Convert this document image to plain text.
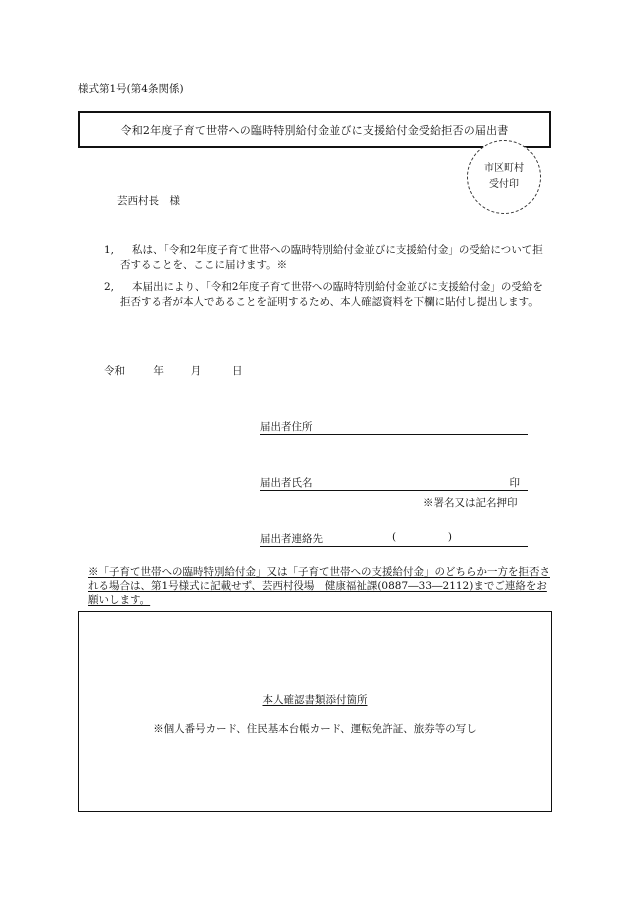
様式第1号(第4条関係)
令和2年度子育て世帯への臨時特別給付金並びに支援給付金受給拒否の届出書
市区町村
受付印
芸西村長　様
1,	私は、「令和2年度子育て世帯への臨時特別給付金並びに支援給付金」の受給について拒否することを、ここに届けます。※
2,	本届出により、「令和2年度子育て世帯への臨時特別給付金並びに支援給付金」の受給を拒否する者が本人であることを証明するため、本人確認資料を下欄に貼付し提出します。
令和	年	月	日
届出者住所
届出者氏名	印
※署名又は記名押印
届出者連絡先	(	)
※「子育て世帯への臨時特別給付金」又は「子育て世帯への支援給付金」のどちらか一方を拒否される場合は、第1号様式に記載せず、芸西村役場　健康福祉課(0887―33―2112)までご連絡をお願いします。
本人確認書類添付箇所
※個人番号カード、住民基本台帳カード、運転免許証、旅券等の写し
